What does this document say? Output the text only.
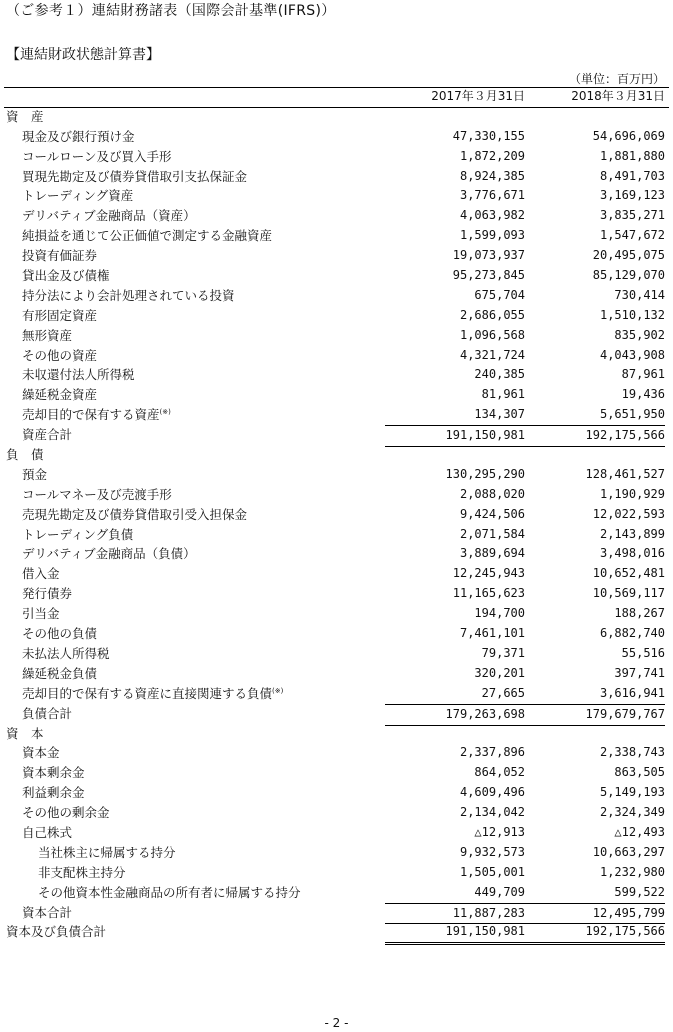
（ご参考１）連結財務諸表（国際会計基準(IFRS)）
【連結財政状態計算書】
（単位：百万円）
2017年３月31日	2018年３月31日
資　産

現金及び銀行預け金	47,330,155	54,696,069
コールローン及び買入手形	1,872,209	1,881,880
買現先勘定及び債券貸借取引支払保証金	8,924,385	8,491,703
トレーディング資産	3,776,671	3,169,123
デリバティブ金融商品（資産）	4,063,982	3,835,271
純損益を通じて公正価値で測定する金融資産	1,599,093	1,547,672
投資有価証券	19,073,937	20,495,075
貸出金及び債権	95,273,845	85,129,070
持分法により会計処理されている投資	675,704	730,414
有形固定資産	2,686,055	1,510,132
無形資産	1,096,568	835,902
その他の資産	4,321,724	4,043,908
未収還付法人所得税	240,385	87,961
繰延税金資産	81,961	19,436
売却目的で保有する資産(※)	134,307	5,651,950
資産合計	191,150,981	192,175,566
負　債

預金	130,295,290	128,461,527
コールマネー及び売渡手形	2,088,020	1,190,929
売現先勘定及び債券貸借取引受入担保金	9,424,506	12,022,593
トレーディング負債	2,071,584	2,143,899
デリバティブ金融商品（負債）	3,889,694	3,498,016
借入金	12,245,943	10,652,481
発行債券	11,165,623	10,569,117
引当金	194,700	188,267
その他の負債	7,461,101	6,882,740
未払法人所得税	79,371	55,516
繰延税金負債	320,201	397,741
売却目的で保有する資産に直接関連する負債(※)	27,665	3,616,941
負債合計	179,263,698	179,679,767
資　本

資本金	2,337,896	2,338,743
資本剰余金	864,052	863,505
利益剰余金	4,609,496	5,149,193
その他の剰余金	2,134,042	2,324,349
自己株式	△12,913	△12,493
当社株主に帰属する持分	9,932,573	10,663,297
非支配株主持分	1,505,001	1,232,980
その他資本性金融商品の所有者に帰属する持分	449,709	599,522
資本合計	11,887,283	12,495,799
資本及び負債合計	191,150,981	192,175,566
- 2 -
